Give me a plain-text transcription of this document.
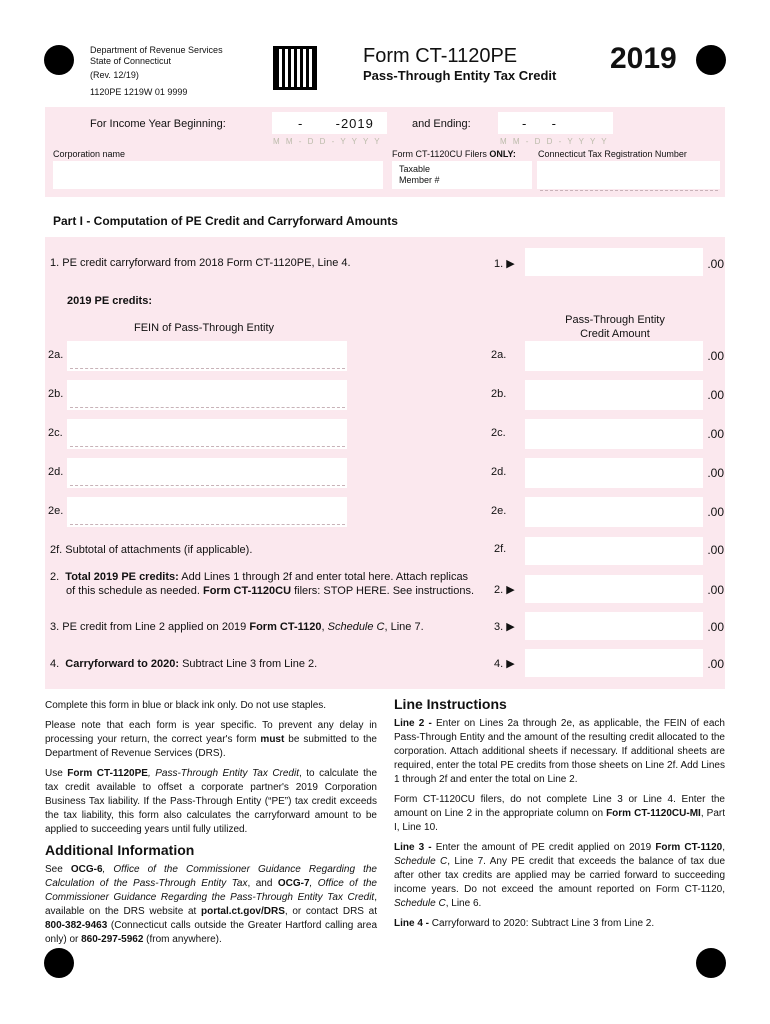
Department of Revenue Services
State of Connecticut
(Rev. 12/19)
1120PE 1219W 01 9999
Form CT-1120PE
Pass-Through Entity Tax Credit
2019
For Income Year Beginning:	-       -2019
M M - D D - Y Y Y Y
and Ending:	-       -
M M - D D - Y Y Y Y
Corporation name	Form CT-1120CU Filers ONLY:
Taxable
Member #
Connecticut Tax Registration Number
Part I - Computation of PE Credit and Carryforward Amounts
1. PE credit carryforward from 2018 Form CT-1120PE, Line 4.	1. ▶	.00
2019 PE credits:
FEIN of Pass-Through Entity
Pass-Through Entity
Credit Amount
2a.	2a.	.00
2b.	2b.	.00
2c.	2c.	.00
2d.	2d.	.00
2e.	2e.	.00
2f. Subtotal of attachments (if applicable).	2f.	.00
2.  Total 2019 PE credits: Add Lines 1 through 2f and enter total here. Attach replicas
of this schedule as needed. Form CT-1120CU filers: STOP HERE. See instructions. 2. ▶	.00
3. PE credit from Line 2 applied on 2019 Form CT-1120, Schedule C, Line 7.	3. ▶	.00
4.  Carryforward to 2020: Subtract Line 3 from Line 2.	4. ▶	.00

Complete this form in blue or black ink only. Do not use staples.

Please note that each form is year specific. To prevent any delay in processing your return, the correct year's form must be submitted to the Department of Revenue Services (DRS).

Use Form CT-1120PE, Pass-Through Entity Tax Credit, to calculate the tax credit available to offset a corporate partner's 2019 Corporation Business Tax liability. If the Pass-Through Entity (“PE”) tax credit exceeds the tax liability, this form also calculates the carryforward amount to be applied to succeeding years until fully utilized.

Additional Information

See OCG-6, Office of the Commissioner Guidance Regarding the Calculation of the Pass-Through Entity Tax, and OCG-7, Office of the Commissioner Guidance Regarding the Pass-Through Entity Tax Credit, available on the DRS website at portal.ct.gov/DRS, or contact DRS at 800-382-9463 (Connecticut calls outside the Greater Hartford calling area only) or 860-297-5962 (from anywhere).

Line Instructions

Line 2 - Enter on Lines 2a through 2e, as applicable, the FEIN of each Pass-Through Entity and the amount of the resulting credit allocated to the corporation. Attach additional sheets if necessary. If additional sheets are required, enter the total PE credits from those sheets on Line 2f. Add Lines 1 through 2f and enter the total on Line 2.

Form CT-1120CU filers, do not complete Line 3 or Line 4. Enter the amount on Line 2 in the appropriate column on Form CT-1120CU-MI, Part I, Line 10.

Line 3 - Enter the amount of PE credit applied on 2019 Form CT-1120, Schedule C, Line 7. Any PE credit that exceeds the balance of tax due after other tax credits are applied may be carried forward to succeeding income years. Do not exceed the amount reported on Form CT-1120, Schedule C, Line 6.

Line 4 - Carryforward to 2020: Subtract Line 3 from Line 2.
